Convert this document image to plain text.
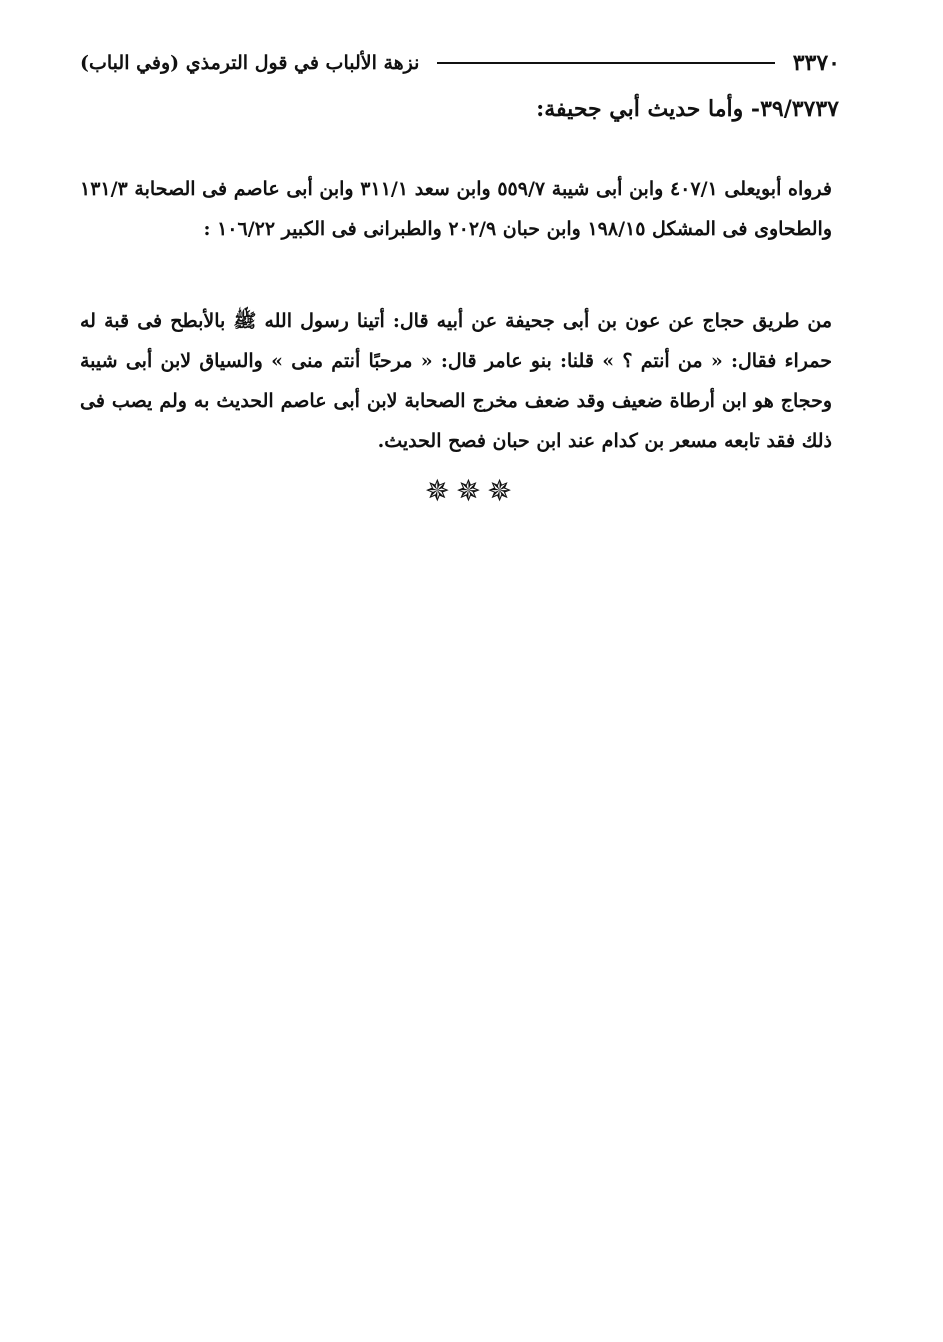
٣٣٧٠
نزهة الألباب في قول الترمذي (وفي الباب)
٣٩/٣٧٣٧- وأما حديث أبي جحيفة:

فرواه أبويعلى ٤٠٧/١ وابن أبى شيبة ٥٥٩/٧ وابن سعد ٣١١/١ وابن أبى عاصم فى الصحابة ١٣١/٣ والطحاوى فى المشكل ١٩٨/١٥ وابن حبان ٢٠٢/٩ والطبرانى فى الكبير ١٠٦/٢٢ :

من طريق حجاج عن عون بن أبى جحيفة عن أبيه قال: أتينا رسول الله ﷺ بالأبطح فى قبة له حمراء فقال: « من أنتم ؟ » قلنا: بنو عامر قال: « مرحبًا أنتم منى » والسياق لابن أبى شيبة وحجاج هو ابن أرطاة ضعيف وقد ضعف مخرج الصحابة لابن أبى عاصم الحديث به ولم يصب فى ذلك فقد تابعه مسعر بن كدام عند ابن حبان فصح الحديث.

✵✵✵
